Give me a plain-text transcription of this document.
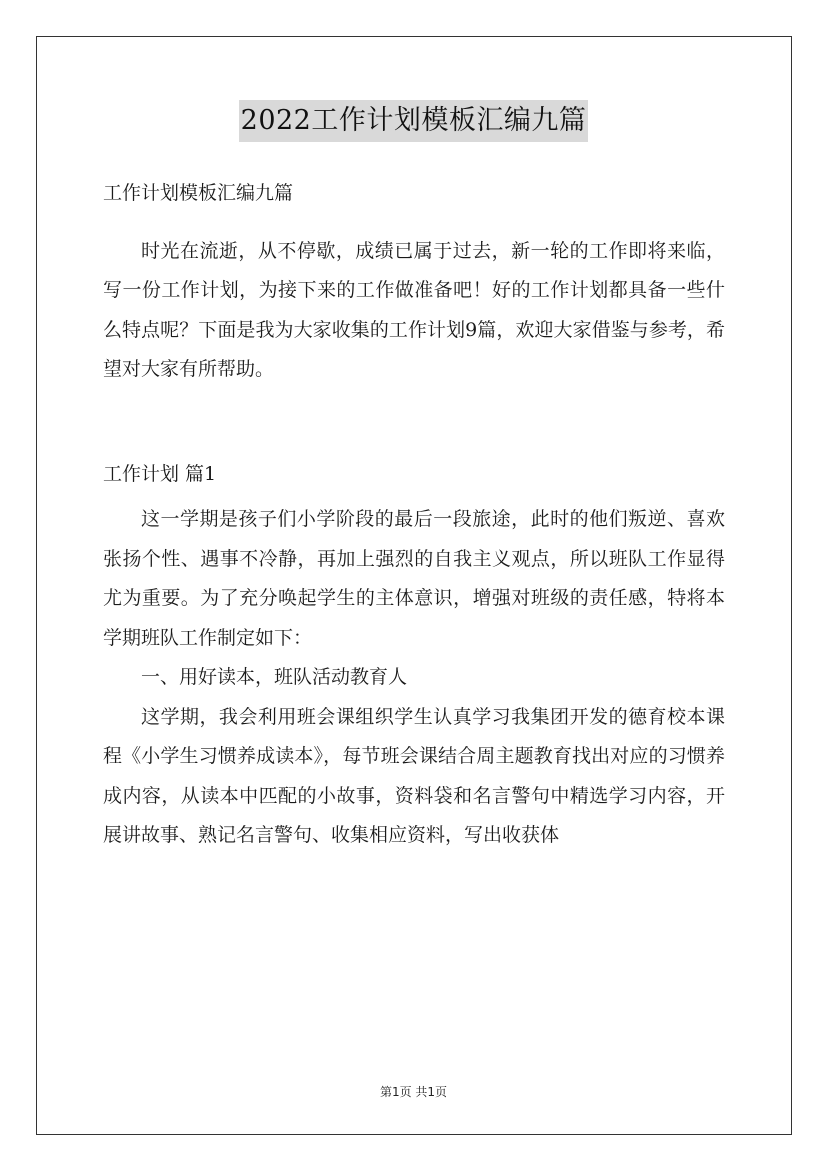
2022工作计划模板汇编九篇

工作计划模板汇编九篇

时光在流逝，从不停歇，成绩已属于过去，新一轮的工作即将来临，写一份工作计划，为接下来的工作做准备吧！好的工作计划都具备一些什么特点呢？下面是我为大家收集的工作计划9篇，欢迎大家借鉴与参考，希望对大家有所帮助。

工作计划 篇1

这一学期是孩子们小学阶段的最后一段旅途，此时的他们叛逆、喜欢张扬个性、遇事不冷静，再加上强烈的自我主义观点，所以班队工作显得尤为重要。为了充分唤起学生的主体意识，增强对班级的责任感，特将本学期班队工作制定如下：

一、用好读本，班队活动教育人

这学期，我会利用班会课组织学生认真学习我集团开发的德育校本课程《小学生习惯养成读本》，每节班会课结合周主题教育找出对应的习惯养成内容，从读本中匹配的小故事，资料袋和名言警句中精选学习内容，开展讲故事、熟记名言警句、收集相应资料，写出收获体

第1页 共1页
